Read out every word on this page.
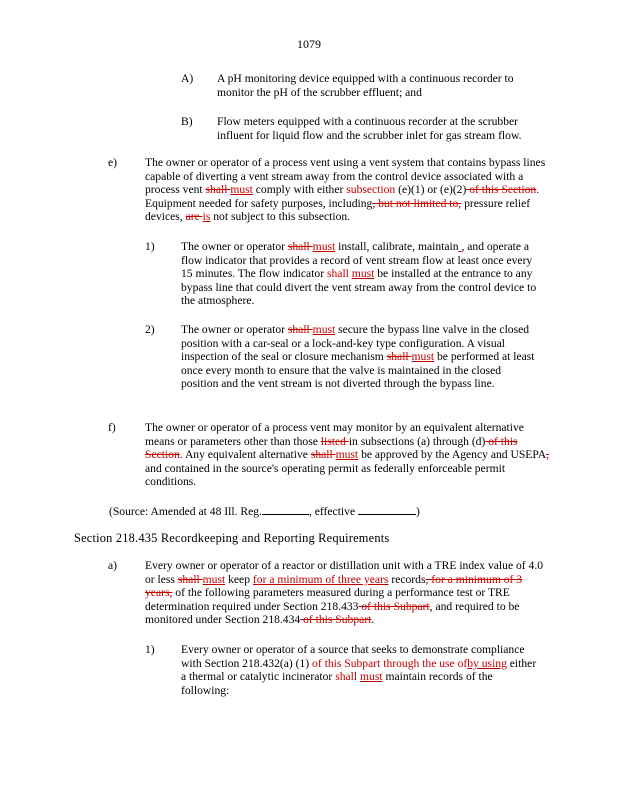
1079
A) A pH monitoring device equipped with a continuous recorder to monitor the pH of the scrubber effluent; and
B) Flow meters equipped with a continuous recorder at the scrubber influent for liquid flow and the scrubber inlet for gas stream flow.
e) The owner or operator of a process vent using a vent system that contains bypass lines capable of diverting a vent stream away from the control device associated with a process vent shall must comply with either subsection (e)(1) or (e)(2) of this Section. Equipment needed for safety purposes, including, but not limited to, pressure relief devices, are is not subject to this subsection.
1) The owner or operator shall must install, calibrate, maintain , and operate a flow indicator that provides a record of vent stream flow at least once every 15 minutes. The flow indicator shall must be installed at the entrance to any bypass line that could divert the vent stream away from the control device to the atmosphere.
2) The owner or operator shall must secure the bypass line valve in the closed position with a car-seal or a lock-and-key type configuration. A visual inspection of the seal or closure mechanism shall must be performed at least once every month to ensure that the valve is maintained in the closed position and the vent stream is not diverted through the bypass line.
f)	The owner or operator of a process vent may monitor by an equivalent alternative means or parameters other than those listed in subsections (a) through (d) of this Section. Any equivalent alternative shall must be approved by the Agency and USEPA, and contained in the source's operating permit as federally enforceable permit conditions.
(Source: Amended at 48 Ill. Reg.	, effective	)
Section 218.435 Recordkeeping and Reporting Requirements
a) Every owner or operator of a reactor or distillation unit with a TRE index value of 4.0 or less shall must keep for a minimum of three years records, for a minimum of 3 years, of the following parameters measured during a performance test or TRE determination required under Section 218.433 of this Subpart, and required to be monitored under Section 218.434 of this Subpart.
1) Every owner or operator of a source that seeks to demonstrate compliance with Section 218.432(a) (1) of this Subpart through the use ofby using either a thermal or catalytic incinerator shall must maintain records of the following:
